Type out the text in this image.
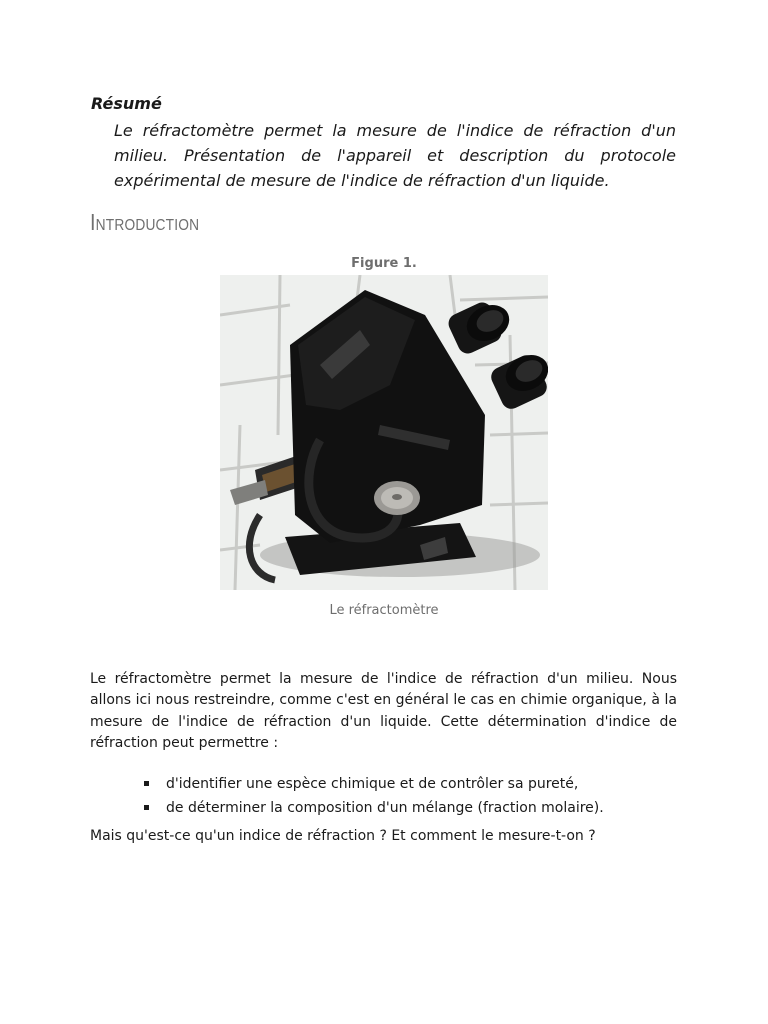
Résumé
Le réfractomètre permet la mesure de l'indice de réfraction d'un milieu. Présentation de l'appareil et description du protocole expérimental de mesure de l'indice de réfraction d'un liquide.
Introduction
Figure 1.
Le réfractomètre
Le réfractomètre permet la mesure de l'indice de réfraction d'un milieu. Nous allons ici nous restreindre, comme c'est en général le cas en chimie organique, à la mesure de l'indice de réfraction d'un liquide. Cette détermination d'indice de réfraction peut permettre :
d'identifier une espèce chimique et de contrôler sa pureté,
de déterminer la composition d'un mélange (fraction molaire).
Mais qu'est-ce qu'un indice de réfraction ? Et comment le mesure-t-on ?
